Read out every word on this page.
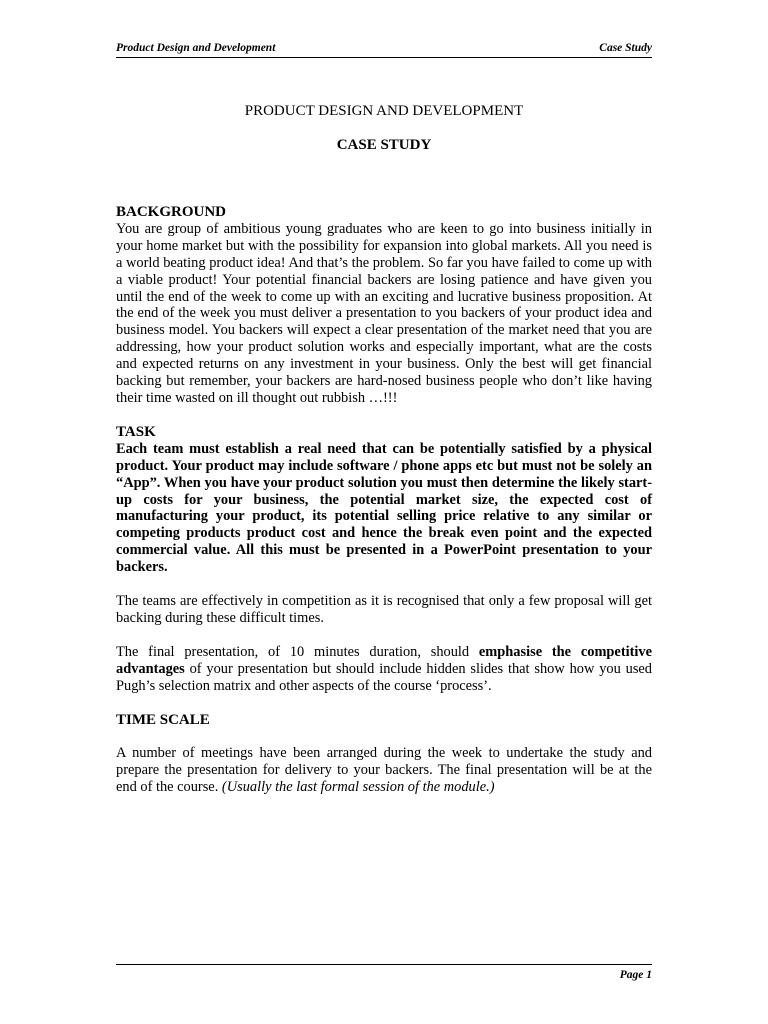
Product Design and Development	Case Study
PRODUCT DESIGN AND DEVELOPMENT
CASE STUDY

BACKGROUND

You are group of ambitious young graduates who are keen to go into business initially in your home market but with the possibility for expansion into global markets. All you need is a world beating product idea! And that’s the problem. So far you have failed to come up with a viable product! Your potential financial backers are losing patience and have given you until the end of the week to come up with an exciting and lucrative business proposition. At the end of the week you must deliver a presentation to you backers of your product idea and business model. You backers will expect a clear presentation of the market need that you are addressing, how your product solution works and especially important, what are the costs and expected returns on any investment in your business. Only the best will get financial backing but remember, your backers are hard-nosed business people who don’t like having their time wasted on ill thought out rubbish …!!!

TASK

Each team must establish a real need that can be potentially satisfied by a physical product. Your product may include software / phone apps etc but must not be solely an “App”. When you have your product solution you must then determine the likely start-up costs for your business, the potential market size, the expected cost of manufacturing your product, its potential selling price relative to any similar or competing products product cost and hence the break even point and the expected commercial value. All this must be presented in a PowerPoint presentation to your backers.

The teams are effectively in competition as it is recognised that only a few proposal will get backing during these difficult times.

The final presentation, of 10 minutes duration, should emphasise the competitive advantages of your presentation but should include hidden slides that show how you used Pugh’s selection matrix and other aspects of the course ‘process’.

TIME SCALE

A number of meetings have been arranged during the week to undertake the study and prepare the presentation for delivery to your backers. The final presentation will be at the end of the course. (Usually the last formal session of the module.)

Page 1
